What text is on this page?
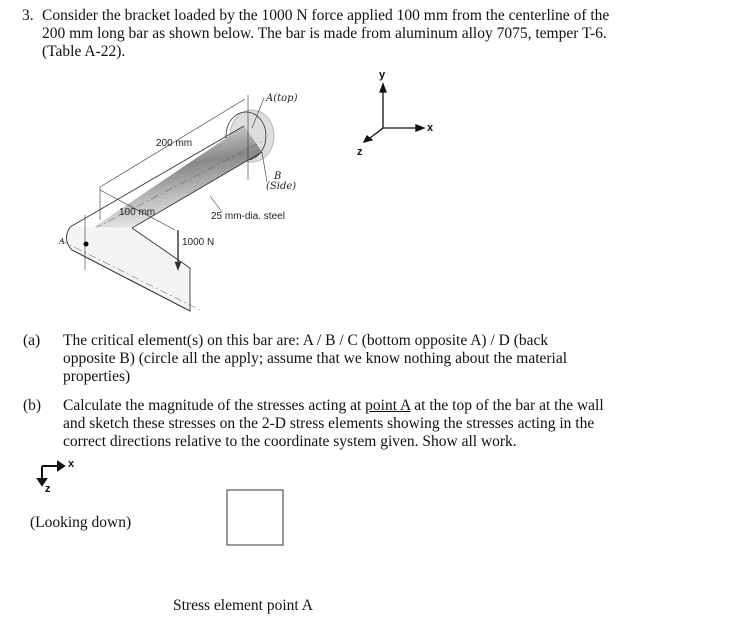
3. Consider the bracket loaded by the 1000 N force applied 100 mm from the centerline of the
200 mm long bar as shown below. The bar is made from aluminum alloy 7075, temper T-6.
(Table A-22).
200 mm
100 mm
1000 N
25 mm-dia. steel
A(top)
B
(Side)
A
y
x
z
(a) The critical element(s) on this bar are: A / B / C (bottom opposite A) / D (back
opposite B) (circle all the apply; assume that we know nothing about the material
properties)
(b) Calculate the magnitude of the stresses acting at point A at the top of the bar at the wall
and sketch these stresses on the 2-D stress elements showing the stresses acting in the
correct directions relative to the coordinate system given. Show all work.
x
z
(Looking down)
Stress element point A
